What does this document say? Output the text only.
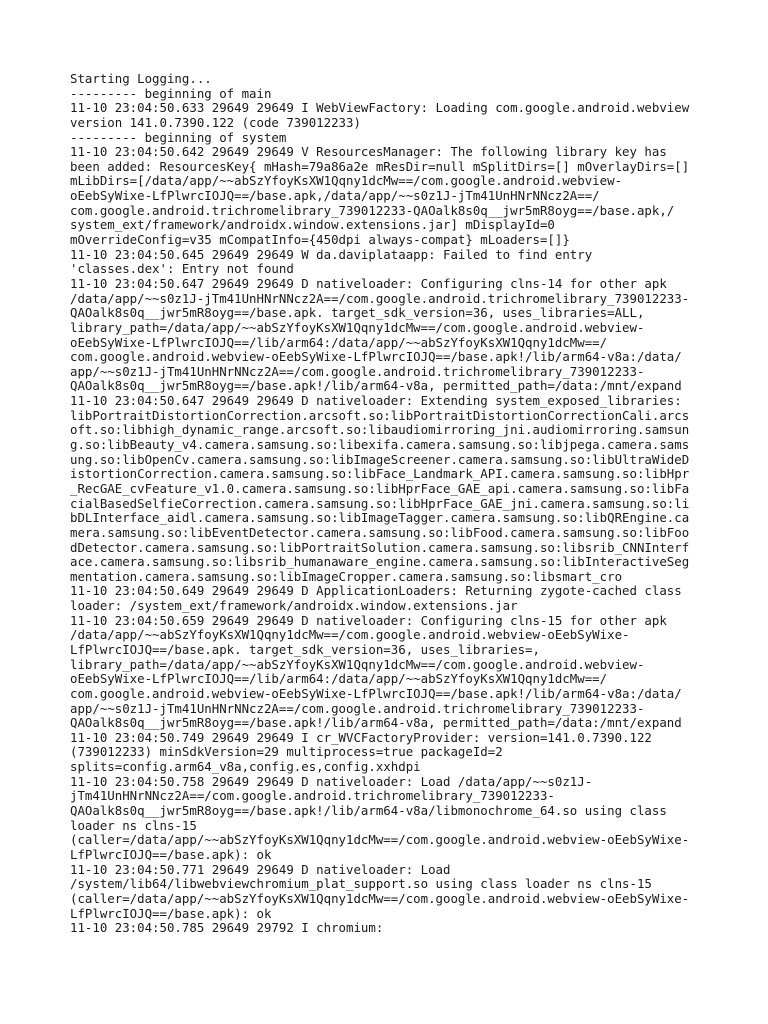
Starting Logging...
--------- beginning of main
11-10 23:04:50.633 29649 29649 I WebViewFactory: Loading com.google.android.webview
version 141.0.7390.122 (code 739012233)
--------- beginning of system
11-10 23:04:50.642 29649 29649 V ResourcesManager: The following library key has
been added: ResourcesKey{ mHash=79a86a2e mResDir=null mSplitDirs=[] mOverlayDirs=[]
mLibDirs=[/data/app/~~abSzYfoyKsXW1Qqny1dcMw==/com.google.android.webview-
oEebSyWixe-LfPlwrcIOJQ==/base.apk,/data/app/~~s0z1J-jTm41UnHNrNNcz2A==/
com.google.android.trichromelibrary_739012233-QAOalk8s0q__jwr5mR8oyg==/base.apk,/
system_ext/framework/androidx.window.extensions.jar] mDisplayId=0
mOverrideConfig=v35 mCompatInfo={450dpi always-compat} mLoaders=[]}
11-10 23:04:50.645 29649 29649 W da.daviplataapp: Failed to find entry
'classes.dex': Entry not found
11-10 23:04:50.647 29649 29649 D nativeloader: Configuring clns-14 for other apk
/data/app/~~s0z1J-jTm41UnHNrNNcz2A==/com.google.android.trichromelibrary_739012233-
QAOalk8s0q__jwr5mR8oyg==/base.apk. target_sdk_version=36, uses_libraries=ALL,
library_path=/data/app/~~abSzYfoyKsXW1Qqny1dcMw==/com.google.android.webview-
oEebSyWixe-LfPlwrcIOJQ==/lib/arm64:/data/app/~~abSzYfoyKsXW1Qqny1dcMw==/
com.google.android.webview-oEebSyWixe-LfPlwrcIOJQ==/base.apk!/lib/arm64-v8a:/data/
app/~~s0z1J-jTm41UnHNrNNcz2A==/com.google.android.trichromelibrary_739012233-
QAOalk8s0q__jwr5mR8oyg==/base.apk!/lib/arm64-v8a, permitted_path=/data:/mnt/expand
11-10 23:04:50.647 29649 29649 D nativeloader: Extending system_exposed_libraries:
libPortraitDistortionCorrection.arcsoft.so:libPortraitDistortionCorrectionCali.arcs
oft.so:libhigh_dynamic_range.arcsoft.so:libaudiomirroring_jni.audiomirroring.samsun
g.so:libBeauty_v4.camera.samsung.so:libexifa.camera.samsung.so:libjpega.camera.sams
ung.so:libOpenCv.camera.samsung.so:libImageScreener.camera.samsung.so:libUltraWideD
istortionCorrection.camera.samsung.so:libFace_Landmark_API.camera.samsung.so:libHpr
_RecGAE_cvFeature_v1.0.camera.samsung.so:libHprFace_GAE_api.camera.samsung.so:libFa
cialBasedSelfieCorrection.camera.samsung.so:libHprFace_GAE_jni.camera.samsung.so:li
bDLInterface_aidl.camera.samsung.so:libImageTagger.camera.samsung.so:libQREngine.ca
mera.samsung.so:libEventDetector.camera.samsung.so:libFood.camera.samsung.so:libFoo
dDetector.camera.samsung.so:libPortraitSolution.camera.samsung.so:libsrib_CNNInterf
ace.camera.samsung.so:libsrib_humanaware_engine.camera.samsung.so:libInteractiveSeg
mentation.camera.samsung.so:libImageCropper.camera.samsung.so:libsmart_cro
11-10 23:04:50.649 29649 29649 D ApplicationLoaders: Returning zygote-cached class
loader: /system_ext/framework/androidx.window.extensions.jar
11-10 23:04:50.659 29649 29649 D nativeloader: Configuring clns-15 for other apk
/data/app/~~abSzYfoyKsXW1Qqny1dcMw==/com.google.android.webview-oEebSyWixe-
LfPlwrcIOJQ==/base.apk. target_sdk_version=36, uses_libraries=,
library_path=/data/app/~~abSzYfoyKsXW1Qqny1dcMw==/com.google.android.webview-
oEebSyWixe-LfPlwrcIOJQ==/lib/arm64:/data/app/~~abSzYfoyKsXW1Qqny1dcMw==/
com.google.android.webview-oEebSyWixe-LfPlwrcIOJQ==/base.apk!/lib/arm64-v8a:/data/
app/~~s0z1J-jTm41UnHNrNNcz2A==/com.google.android.trichromelibrary_739012233-
QAOalk8s0q__jwr5mR8oyg==/base.apk!/lib/arm64-v8a, permitted_path=/data:/mnt/expand
11-10 23:04:50.749 29649 29649 I cr_WVCFactoryProvider: version=141.0.7390.122
(739012233) minSdkVersion=29 multiprocess=true packageId=2
splits=config.arm64_v8a,config.es,config.xxhdpi
11-10 23:04:50.758 29649 29649 D nativeloader: Load /data/app/~~s0z1J-
jTm41UnHNrNNcz2A==/com.google.android.trichromelibrary_739012233-
QAOalk8s0q__jwr5mR8oyg==/base.apk!/lib/arm64-v8a/libmonochrome_64.so using class
loader ns clns-15
(caller=/data/app/~~abSzYfoyKsXW1Qqny1dcMw==/com.google.android.webview-oEebSyWixe-
LfPlwrcIOJQ==/base.apk): ok
11-10 23:04:50.771 29649 29649 D nativeloader: Load
/system/lib64/libwebviewchromium_plat_support.so using class loader ns clns-15
(caller=/data/app/~~abSzYfoyKsXW1Qqny1dcMw==/com.google.android.webview-oEebSyWixe-
LfPlwrcIOJQ==/base.apk): ok
11-10 23:04:50.785 29649 29792 I chromium:
